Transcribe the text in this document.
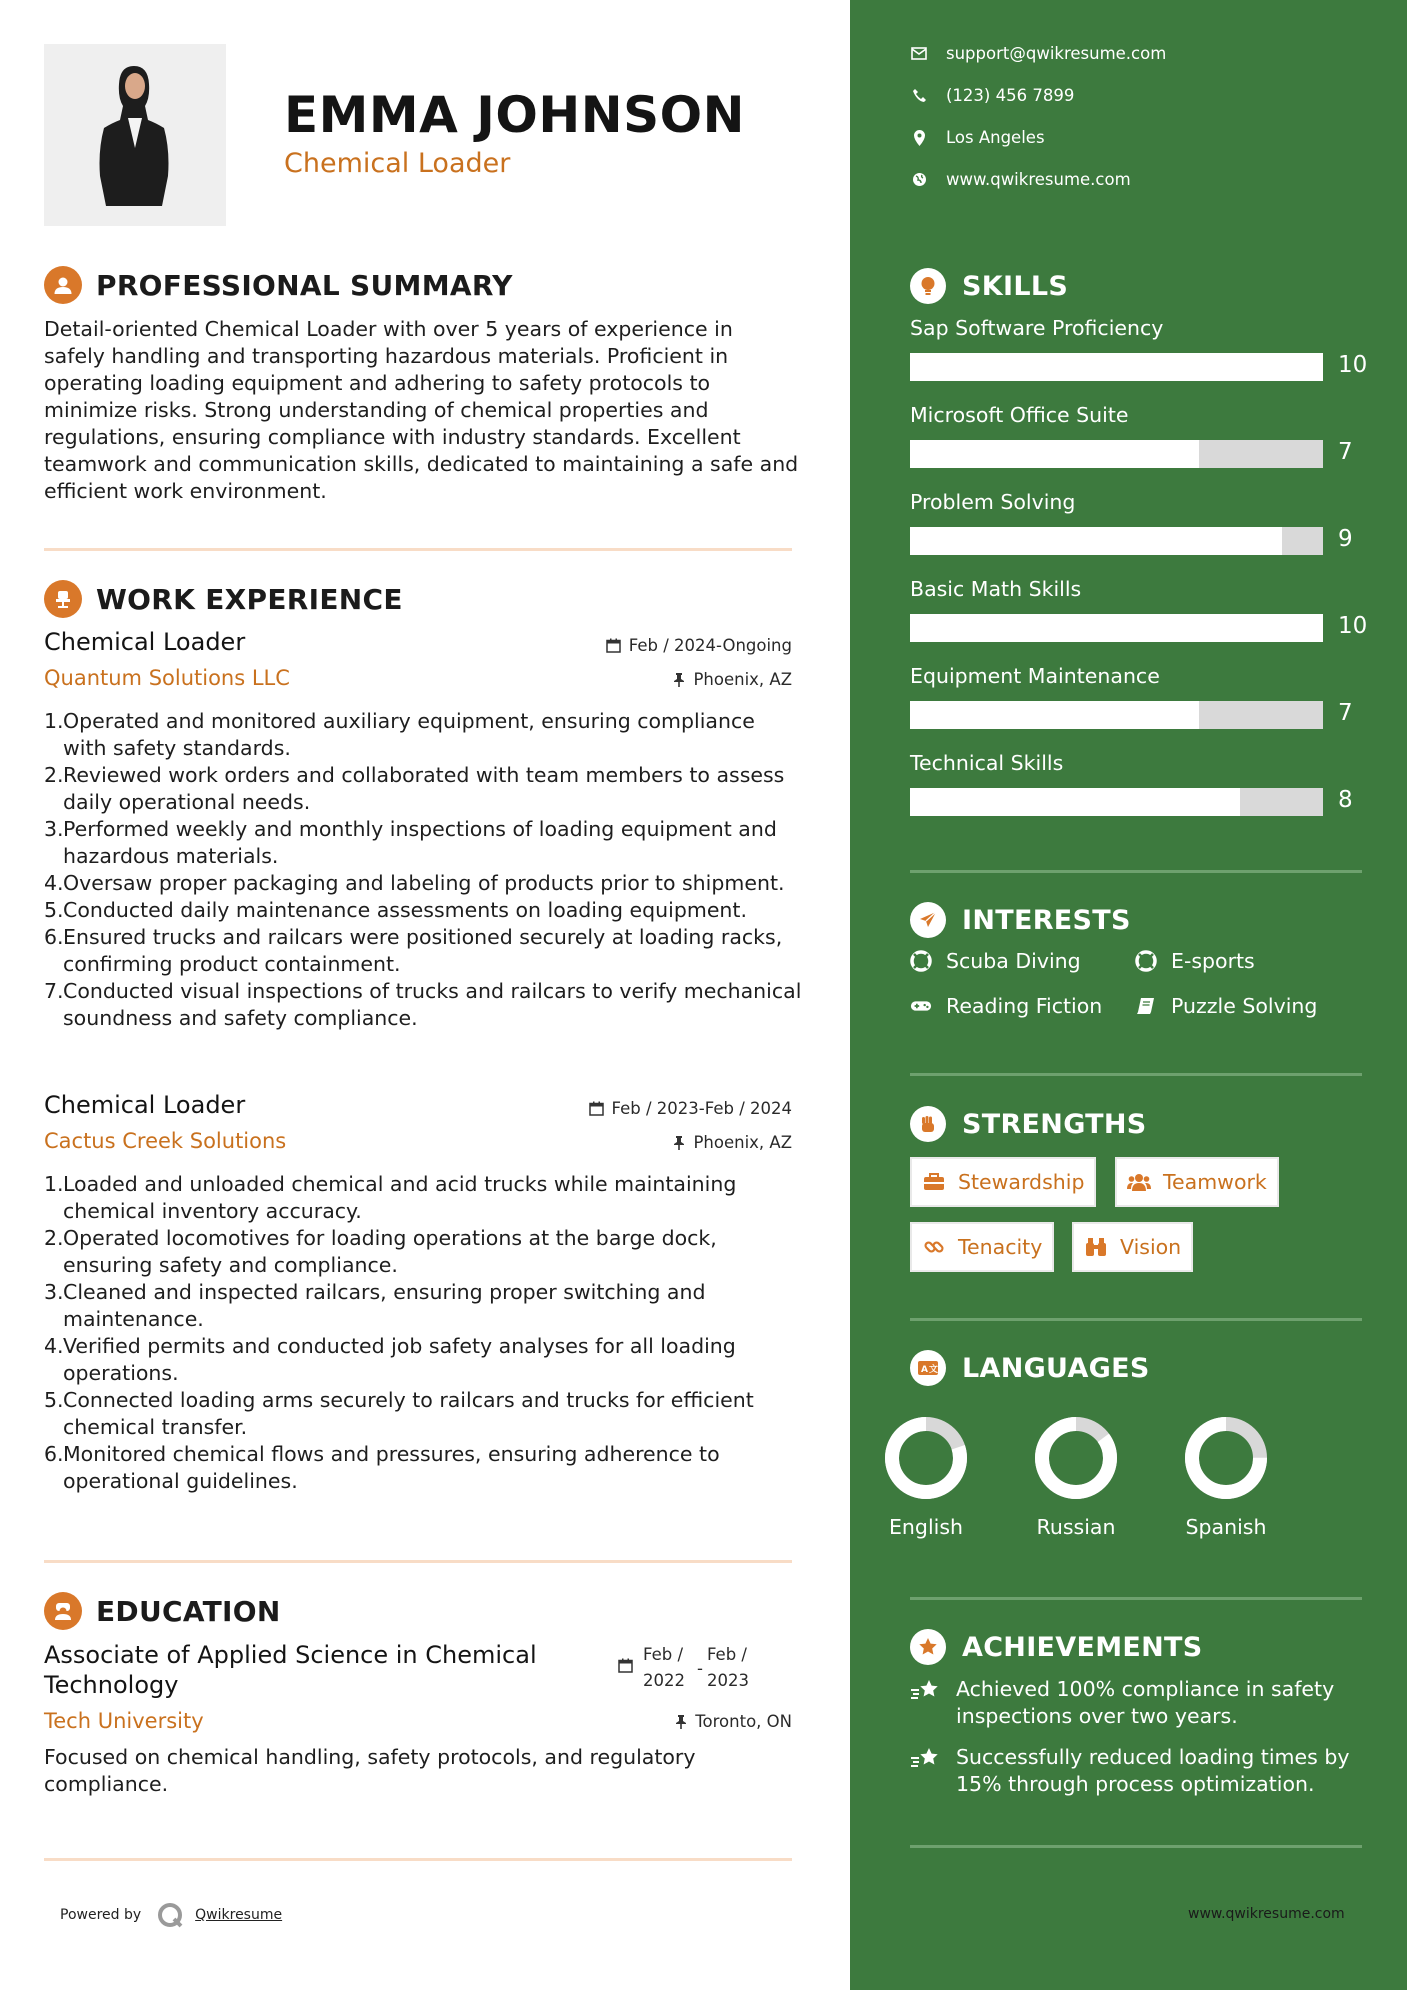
EMMA JOHNSON
Chemical Loader
PROFESSIONAL SUMMARY

Detail-oriented Chemical Loader with over 5 years of experience in safely handling and transporting hazardous materials. Proficient in operating loading equipment and adhering to safety protocols to minimize risks. Strong understanding of chemical properties and regulations, ensuring compliance with industry standards. Excellent teamwork and communication skills, dedicated to maintaining a safe and efficient work environment.

WORK EXPERIENCE
Chemical Loader	Feb / 2024-Ongoing
Quantum Solutions LLC	Phoenix, AZ
1. Operated and monitored auxiliary equipment, ensuring compliance with safety standards.
2. Reviewed work orders and collaborated with team members to assess daily operational needs.
3. Performed weekly and monthly inspections of loading equipment and hazardous materials.
4. Oversaw proper packaging and labeling of products prior to shipment.
5. Conducted daily maintenance assessments on loading equipment.
6. Ensured trucks and railcars were positioned securely at loading racks, confirming product containment.
7. Conducted visual inspections of trucks and railcars to verify mechanical soundness and safety compliance.
Chemical Loader	Feb / 2023-Feb / 2024
Cactus Creek Solutions	Phoenix, AZ
1. Loaded and unloaded chemical and acid trucks while maintaining chemical inventory accuracy.
2. Operated locomotives for loading operations at the barge dock, ensuring safety and compliance.
3. Cleaned and inspected railcars, ensuring proper switching and maintenance.
4. Verified permits and conducted job safety analyses for all loading operations.
5. Connected loading arms securely to railcars and trucks for efficient chemical transfer.
6. Monitored chemical flows and pressures, ensuring adherence to operational guidelines.
EDUCATION
Associate of Applied Science in Chemical Technology
Feb /
2022
-
Feb /
2023
Tech University	Toronto, ON

Focused on chemical handling, safety protocols, and regulatory compliance.

Powered by	Qwikresume
support@qwikresume.com
(123) 456 7899
Los Angeles
www.qwikresume.com
SKILLS
Sap Software Proficiency
10
Microsoft Office Suite
7
Problem Solving
9
Basic Math Skills
10
Equipment Maintenance
7
Technical Skills
8
INTERESTS
Scuba Diving	E-sports
Reading Fiction	Puzzle Solving
STRENGTHS
Stewardship	Teamwork
Tenacity	Vision
A 文 LANGUAGES
English	Russian	Spanish
ACHIEVEMENTS
Achieved 100% compliance in safety inspections over two years.
Successfully reduced loading times by 15% through process optimization.
www.qwikresume.com
